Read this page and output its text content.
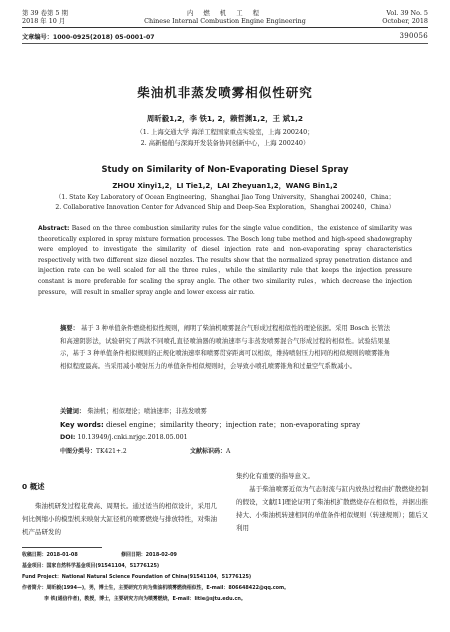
第 39 卷第 5 期
2018 年 10 月
内 燃 机 工 程
Chinese Internal Combustion Engine Engineering
Vol. 39 No. 5
October, 2018
文章编号：1000-0925(2018) 05-0001-07	390056
柴油机非蒸发喷雾相似性研究
周昕毅1,2，李 铁1, 2，赖哲渊1,2，王 斌1,2
（1. 上海交通大学 海洋工程国家重点实验室，上海 200240；
2. 高新船舶与深海开发装备协同创新中心，上海 200240）
Study on Similarity of Non-Evaporating Diesel Spray
ZHOU Xinyi1,2，LI Tie1,2，LAI Zheyuan1,2，WANG Bin1,2
（1. State Key Laboratory of Ocean Engineering，Shanghai Jiao Tong University，Shanghai 200240，China；
2. Collaborative Innovation Center for Advanced Ship and Deep-Sea Exploration，Shanghai 200240，China）
Abstract: Based on the three combustion similarity rules for the single value condition，the existence of similarity was theoretically explored in spray mixture formation processes. The Bosch long tube method and high-speed shadowgraphy were employed to investigate the similarity of diesel injection rate and non-evaporating spray characteristics respectively with two different size diesel nozzles. The results show that the normalized spray penetration distance and injection rate can be well scaled for all the three rules，while the similarity rule that keeps the injection pressure constant is more preferable for scaling the spray angle. The other two similarity rules，which decrease the injection pressure，will result in smaller spray angle and lower excess air ratio.
摘要： 基于 3 种单值条件燃烧相似性规则，阐明了柴油机喷雾混合气形成过程相似性的理论依据。采用 Bosch 长管法和高速阴影法，试验研究了两款不同喷孔直径喷油器的喷油速率与非蒸发喷雾混合气形成过程的相似性。试验结果显示，基于 3 种单值条件相似规则的正规化喷油速率和喷雾贯穿距离可以相似，维持喷射压力相同的相似规则的喷雾锥角相似程度最高。当采用减小喷射压力的单值条件相似规则时，会导致小喷孔喷雾锥角和过量空气系数减小。
关键词： 柴油机；相似理论；喷油速率；非蒸发喷雾
Key words: diesel engine；similarity theory；injection rate；non-evaporating spray
DOI: 10.13949/j.cnki.nrjgc.2018.05.001
中图分类号：TK421+.2	文献标识码：A
0 概述
柴油机研发过程花费高、周期长。通过适当的相似设计，采用几何比例缩小的模型机来映射大缸径机的喷雾燃烧与排放特性，对柴油机产品研发的
集约化有重要的指导意义。
基于柴油喷雾近似为气态射流与缸内放热过程由扩散燃烧控制的假设，文献[1]理论证明了柴油机扩散燃烧存在相似性，并据出推持大、小柴油机转速相同的单值条件相似规则（转速规则）；随后又利用
收稿日期：2018-01-08	修回日期：2018-02-09
基金项目：国家自然科学基金项目(91541104，51776125)
Fund Project：National Natural Science Foundation of China(91541104，51776125)
作者简介：周昕毅(1994—)，男，博士生，主要研究方向为柴油机喷雾燃烧相似性，E-mail：806648422@qq.com。
李 铁(通信作者)，教授，博士，主要研究方向为喷雾燃烧，E-mail：litie@sjtu.edu.cn。
